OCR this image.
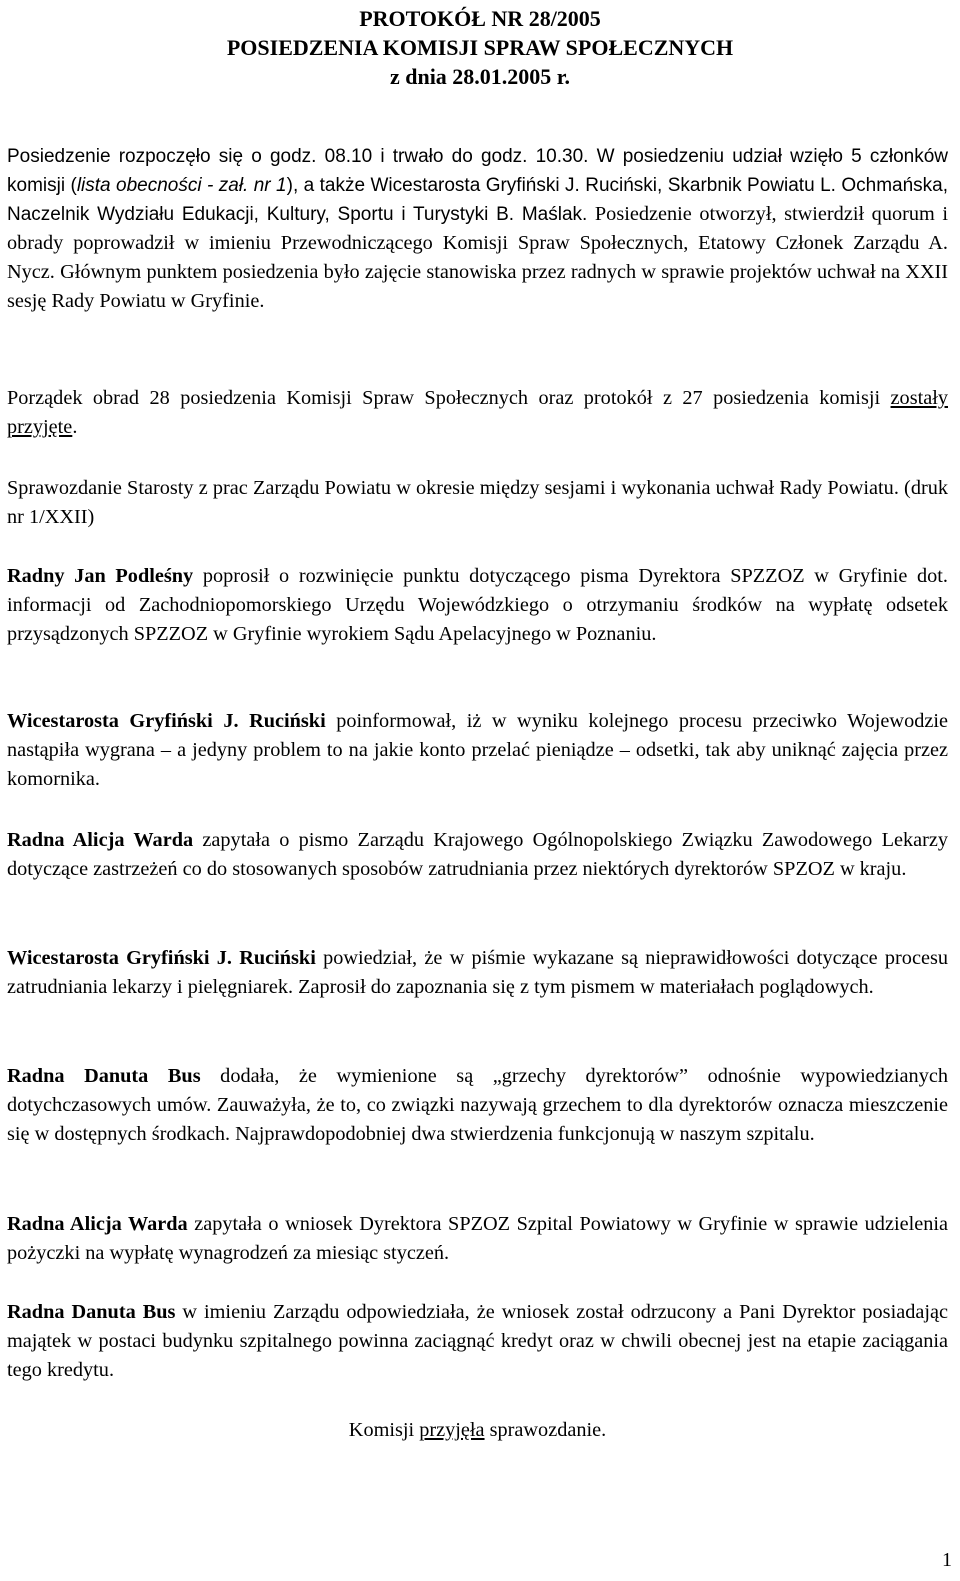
PROTOKÓŁ NR 28/2005
POSIEDZENIA KOMISJI SPRAW SPOŁECZNYCH
z dnia 28.01.2005 r.

Posiedzenie rozpoczęło się o godz. 08.10 i trwało do godz. 10.30. W posiedzeniu udział wzięło 5 członków komisji (lista obecności - zał. nr 1), a także Wicestarosta Gryfiński J. Ruciński, Skarbnik Powiatu L. Ochmańska, Naczelnik Wydziału Edukacji, Kultury, Sportu i Turystyki B. Maślak. Posiedzenie otworzył, stwierdził quorum i obrady poprowadził w imieniu Przewodniczącego Komisji Spraw Społecznych, Etatowy Członek Zarządu A. Nycz. Głównym punktem posiedzenia było zajęcie stanowiska przez radnych w sprawie projektów uchwał na XXII sesję Rady Powiatu w Gryfinie.

Porządek obrad 28 posiedzenia Komisji Spraw Społecznych oraz protokół z 27 posiedzenia komisji zostały przyjęte.

Sprawozdanie Starosty z prac Zarządu Powiatu w okresie między sesjami i wykonania uchwał Rady Powiatu. (druk nr 1/XXII)

Radny Jan Podleśny poprosił o rozwinięcie punktu dotyczącego pisma Dyrektora SPZZOZ w Gryfinie dot. informacji od Zachodniopomorskiego Urzędu Wojewódzkiego o otrzymaniu środków na wypłatę odsetek przysądzonych SPZZOZ w Gryfinie wyrokiem Sądu Apelacyjnego w Poznaniu.

Wicestarosta Gryfiński J. Ruciński poinformował, iż w wyniku kolejnego procesu przeciwko Wojewodzie nastąpiła wygrana – a jedyny problem to na jakie konto przelać pieniądze – odsetki, tak aby uniknąć zajęcia przez komornika.

Radna Alicja Warda zapytała o pismo Zarządu Krajowego Ogólnopolskiego Związku Zawodowego Lekarzy dotyczące zastrzeżeń co do stosowanych sposobów zatrudniania przez niektórych dyrektorów SPZOZ w kraju.

Wicestarosta Gryfiński J. Ruciński powiedział, że w piśmie wykazane są nieprawidłowości dotyczące procesu zatrudniania lekarzy i pielęgniarek. Zaprosił do zapoznania się z tym pismem w materiałach poglądowych.

Radna Danuta Bus dodała, że wymienione są „grzechy dyrektorów” odnośnie wypowiedzianych dotychczasowych umów. Zauważyła, że to, co związki nazywają grzechem to dla dyrektorów oznacza mieszczenie się w dostępnych środkach. Najprawdopodobniej dwa stwierdzenia funkcjonują w naszym szpitalu.

Radna Alicja Warda zapytała o wniosek Dyrektora SPZOZ Szpital Powiatowy w Gryfinie w sprawie udzielenia pożyczki na wypłatę wynagrodzeń za miesiąc styczeń.

Radna Danuta Bus w imieniu Zarządu odpowiedziała, że wniosek został odrzucony a Pani Dyrektor posiadając majątek w postaci budynku szpitalnego powinna zaciągnąć kredyt oraz w chwili obecnej jest na etapie zaciągania tego kredytu.

Komisji przyjęła sprawozdanie.

1
